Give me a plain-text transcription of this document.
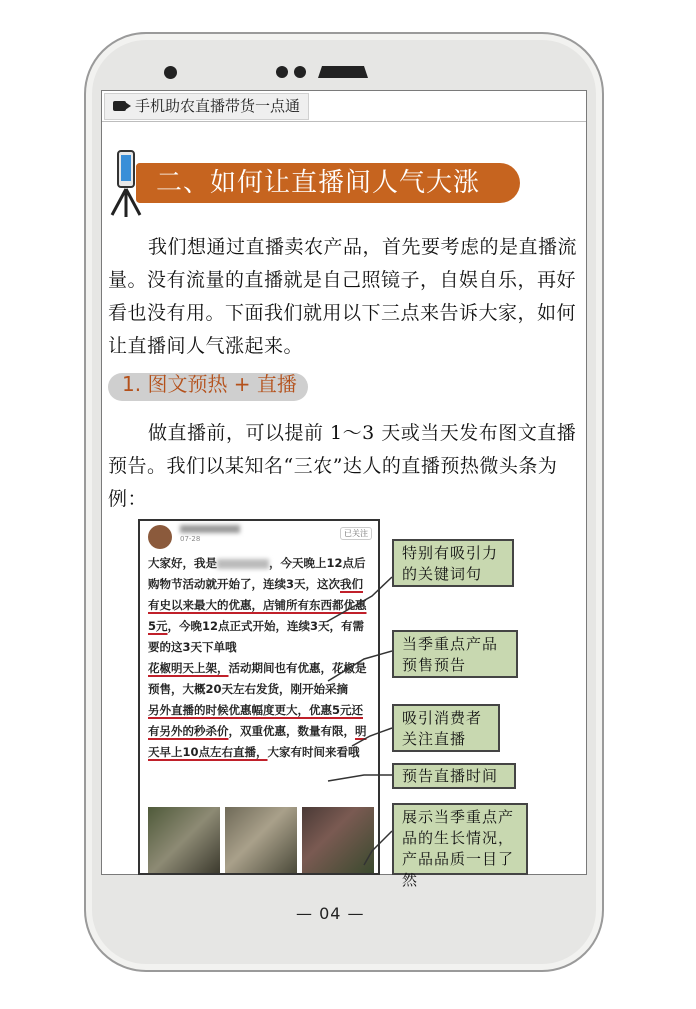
手机助农直播带货一点通
二、如何让直播间人气大涨

我们想通过直播卖农产品，首先要考虑的是直播流量。没有流量的直播就是自己照镜子，自娱自乐，再好看也没有用。下面我们就用以下三点来告诉大家，如何让直播间人气涨起来。

1. 图文预热 + 直播

做直播前，可以提前 1～3 天或当天发布图文直播预告。我们以某知名“三农”达人的直播预热微头条为例：

07-28
已关注

大家好，我是	，今天晚上12点后购物节活动就开始了，连续3天，这次我们有史以来最大的优惠，店铺所有东西都优惠5元，今晚12点正式开始，连续3天，有需要的这3天下单哦
花椒明天上架，活动期间也有优惠，花椒是预售，大概20天左右发货，刚开始采摘
另外直播的时候优惠幅度更大，优惠5元还有另外的秒杀价，双重优惠，数量有限，明天早上10点左右直播，大家有时间来看哦

特别有吸引力的关键词句
当季重点产品预售预告
吸引消费者关注直播
预告直播时间
展示当季重点产品的生长情况，产品品质一目了然
— 04 —
